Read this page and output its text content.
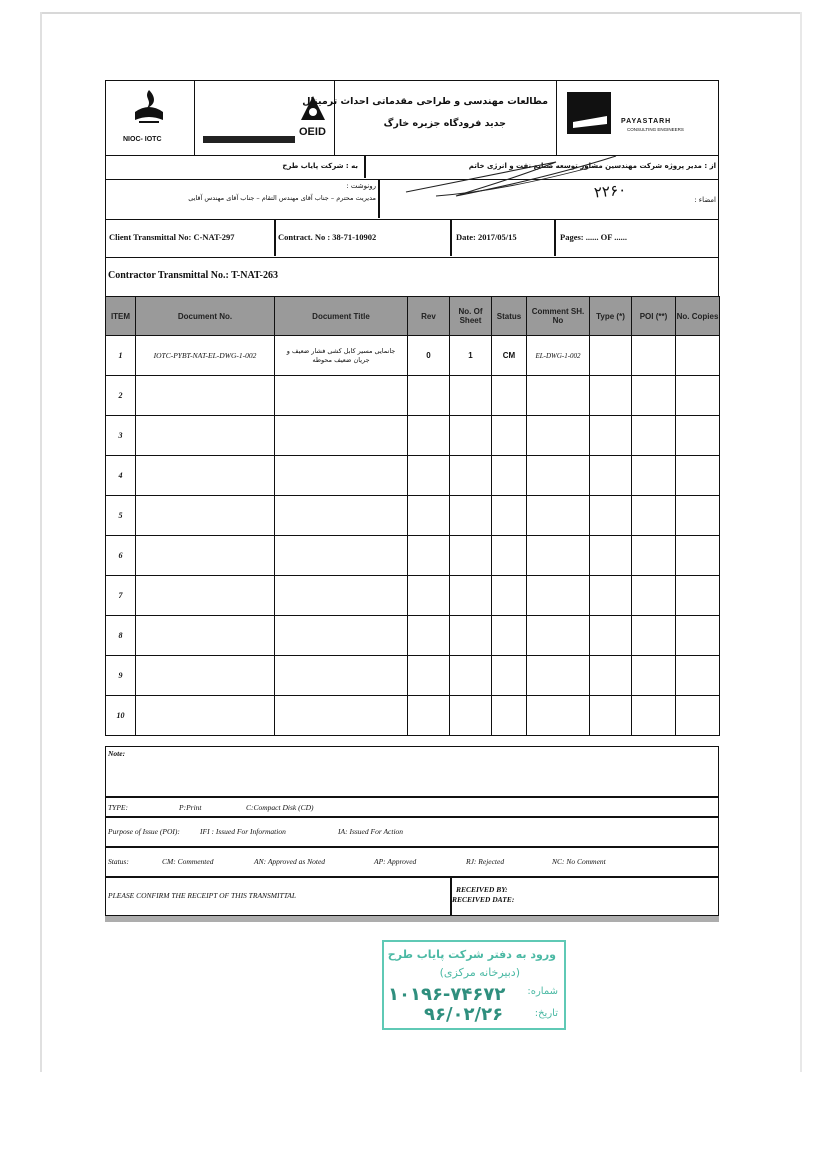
NIOC- IOTC
OEID
مطالعات مهندسی و طراحی مقدماتی احداث ترمینال
جدید فرودگاه جزیره خارگ	PAYASTARH
CONSULTING ENGINEERS
به : شرکت پایاب طرح	از : مدیر پروژه شرکت مهندسین مشاور توسعه صنایع نفت و انرژی خاتم
رونوشت :
مدیریت محترم – جناب آقای مهندس التقام – جناب آقای مهندس آقایی	امضاء :
۲۲۶۰
Client Transmittal No: C-NAT-297	Contract. No : 38-71-10902	Date: 2017/05/15	Pages: ...... OF ......
Contractor Transmittal No.: T-NAT-263
ITEM	Document No.	Document Title	Rev	No. Of Sheet	Status	Comment SH. No	Type (*)	POI (**)	No. Copies
1	IOTC-PYBT-NAT-EL-DWG-1-002	جانمایی مسیر کابل کشی فشار ضعیف و جریان ضعیف محوطه	0	1	CM	EL-DWG-1-002			
2									
3									
4									
5									
6									
7									
8									
9									
10									
Note:
TYPE:	P:Print	C:Compact Disk (CD)
Purpose of Issue (POI):	IFI : Issued For Information	IA: Issued For Action
Status:	CM: Commented	AN: Approved as Noted	AP: Approved	RJ: Rejected	NC: No Comment
PLEASE CONFIRM THE RECEIPT OF THIS TRANSMITTAL
RECEIVED BY:
RECEIVED DATE:
ورود به دفتر شرکت پایاب طرح
(دبیرخانه مرکزی)
شماره:
۱۰۱۹۶-۷۴۶۷۲
تاریخ:
۹۶/۰۲/۲۶
